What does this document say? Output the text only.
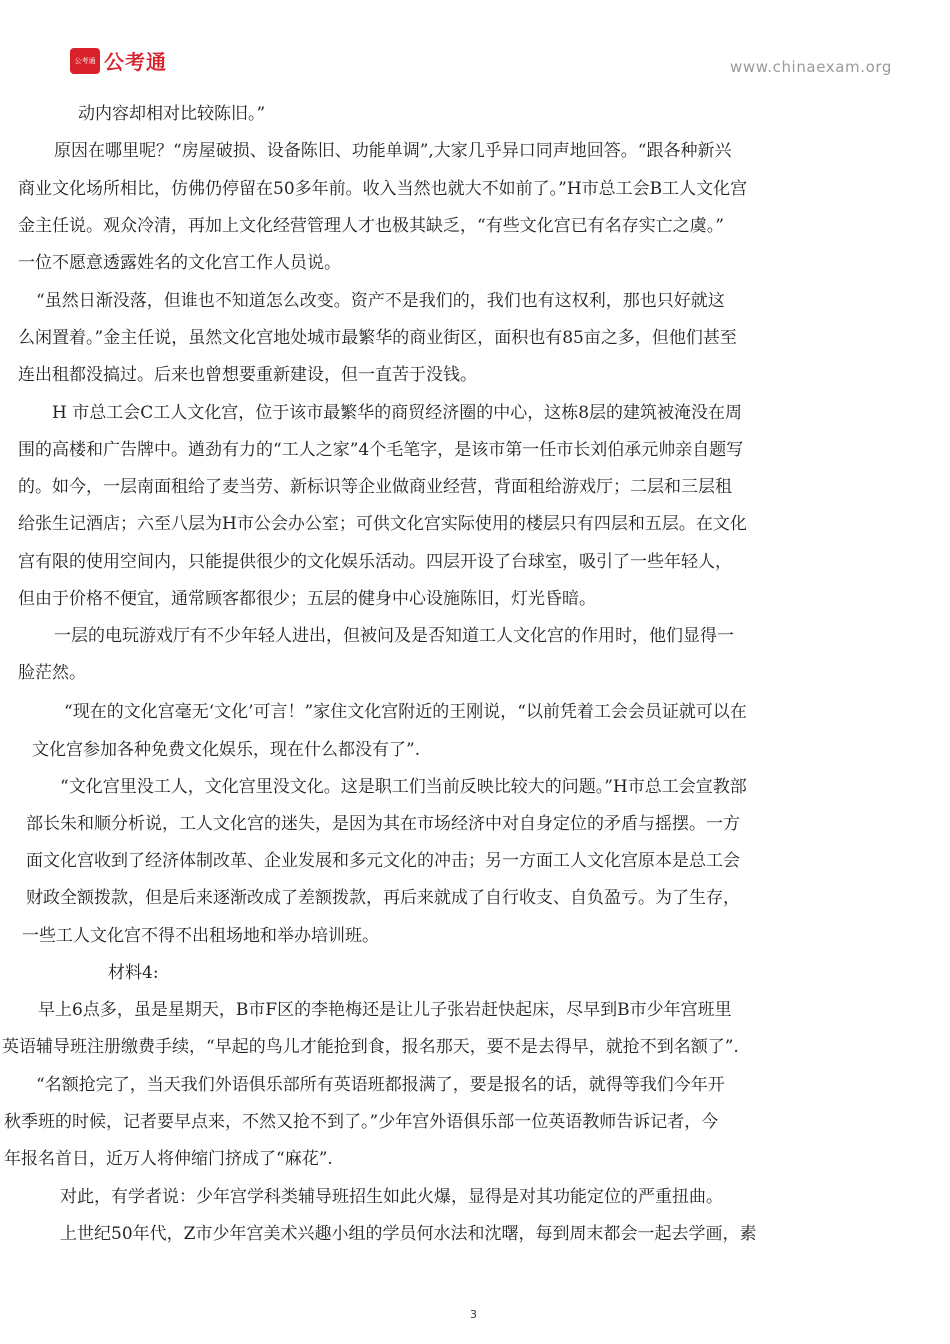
公考通 公考通	www.chinaexam.org
动内容却相对比较陈旧。”
原因在哪里呢？“房屋破损、设备陈旧、功能单调”,大家几乎异口同声地回答。“跟各种新兴
商业文化场所相比，仿佛仍停留在50多年前。收入当然也就大不如前了。”H市总工会B工人文化宫
金主任说。观众冷清，再加上文化经营管理人才也极其缺乏，“有些文化宫已有名存实亡之虞。”
一位不愿意透露姓名的文化宫工作人员说。
“虽然日渐没落，但谁也不知道怎么改变。资产不是我们的，我们也有这权利，那也只好就这
么闲置着。”金主任说，虽然文化宫地处城市最繁华的商业街区，面积也有85亩之多，但他们甚至
连出租都没搞过。后来也曾想要重新建设，但一直苦于没钱。
H 市总工会C工人文化宫，位于该市最繁华的商贸经济圈的中心，这栋8层的建筑被淹没在周
围的高楼和广告牌中。遒劲有力的“工人之家”4个毛笔字，是该市第一任市长刘伯承元帅亲自题写
的。如今，一层南面租给了麦当劳、新标识等企业做商业经营，背面租给游戏厅；二层和三层租
给张生记酒店；六至八层为H市公会办公室；可供文化宫实际使用的楼层只有四层和五层。在文化
宫有限的使用空间内，只能提供很少的文化娱乐活动。四层开设了台球室，吸引了一些年轻人，
但由于价格不便宜，通常顾客都很少；五层的健身中心设施陈旧，灯光昏暗。
一层的电玩游戏厅有不少年轻人进出，但被问及是否知道工人文化宫的作用时，他们显得一
脸茫然。
“现在的文化宫毫无‘文化’可言！”家住文化宫附近的王刚说，“以前凭着工会会员证就可以在
文化宫参加各种免费文化娱乐，现在什么都没有了”.
“文化宫里没工人，文化宫里没文化。这是职工们当前反映比较大的问题。”H市总工会宣教部
部长朱和顺分析说，工人文化宫的迷失，是因为其在市场经济中对自身定位的矛盾与摇摆。一方
面文化宫收到了经济体制改革、企业发展和多元文化的冲击；另一方面工人文化宫原本是总工会
财政全额拨款，但是后来逐渐改成了差额拨款，再后来就成了自行收支、自负盈亏。为了生存，
一些工人文化宫不得不出租场地和举办培训班。
材料4:
早上6点多，虽是星期天，B市F区的李艳梅还是让儿子张岩赶快起床，尽早到B市少年宫班里
英语辅导班注册缴费手续，“早起的鸟儿才能抢到食，报名那天，要不是去得早，就抢不到名额了”.
“名额抢完了，当天我们外语俱乐部所有英语班都报满了，要是报名的话，就得等我们今年开
秋季班的时候，记者要早点来，不然又抢不到了。”少年宫外语俱乐部一位英语教师告诉记者，今
年报名首日，近万人将伸缩门挤成了“麻花”.
对此，有学者说：少年宫学科类辅导班招生如此火爆，显得是对其功能定位的严重扭曲。
上世纪50年代，Z市少年宫美术兴趣小组的学员何水法和沈曙，每到周末都会一起去学画，素
3
